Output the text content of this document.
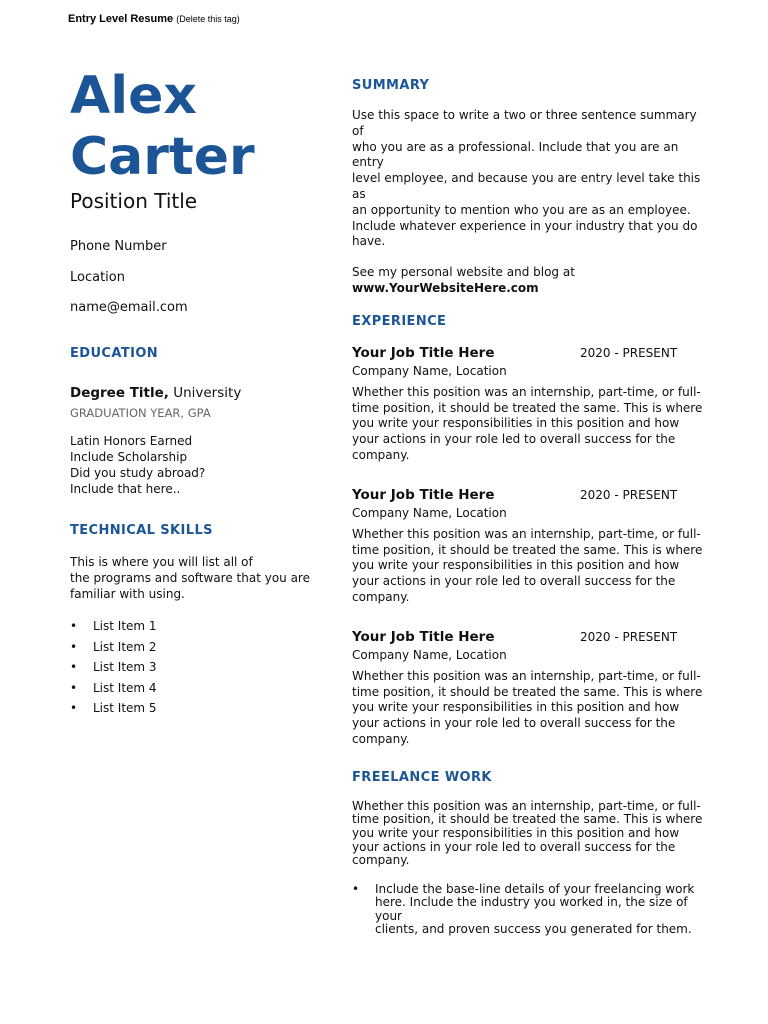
Entry Level Resume (Delete this tag)
Alex
Carter
Position Title
Phone Number
Location
name@email.com
EDUCATION
Degree Title, University
GRADUATION YEAR, GPA
Latin Honors Earned
Include Scholarship
Did you study abroad?
Include that here..
TECHNICAL SKILLS
This is where you will list all of
the programs and software that you are
familiar with using.
• List Item 1
• List Item 2
• List Item 3
• List Item 4
• List Item 5
SUMMARY
Use this space to write a two or three sentence summary of
who you are as a professional. Include that you are an entry
level employee, and because you are entry level take this as
an opportunity to mention who you are as an employee.
Include whatever experience in your industry that you do
have.
See my personal website and blog at
www.YourWebsiteHere.com
EXPERIENCE
Your Job Title Here	2020 - PRESENT
Company Name, Location
Whether this position was an internship, part-time, or full-
time position, it should be treated the same. This is where
you write your responsibilities in this position and how
your actions in your role led to overall success for the
company.
Your Job Title Here	2020 - PRESENT
Company Name, Location
Whether this position was an internship, part-time, or full-
time position, it should be treated the same. This is where
you write your responsibilities in this position and how
your actions in your role led to overall success for the
company.
Your Job Title Here	2020 - PRESENT
Company Name, Location
Whether this position was an internship, part-time, or full-
time position, it should be treated the same. This is where
you write your responsibilities in this position and how
your actions in your role led to overall success for the
company.
FREELANCE WORK
Whether this position was an internship, part-time, or full-
time position, it should be treated the same. This is where
you write your responsibilities in this position and how
your actions in your role led to overall success for the company.
• Include the base-line details of your freelancing work
here. Include the industry you worked in, the size of your
clients, and proven success you generated for them.
